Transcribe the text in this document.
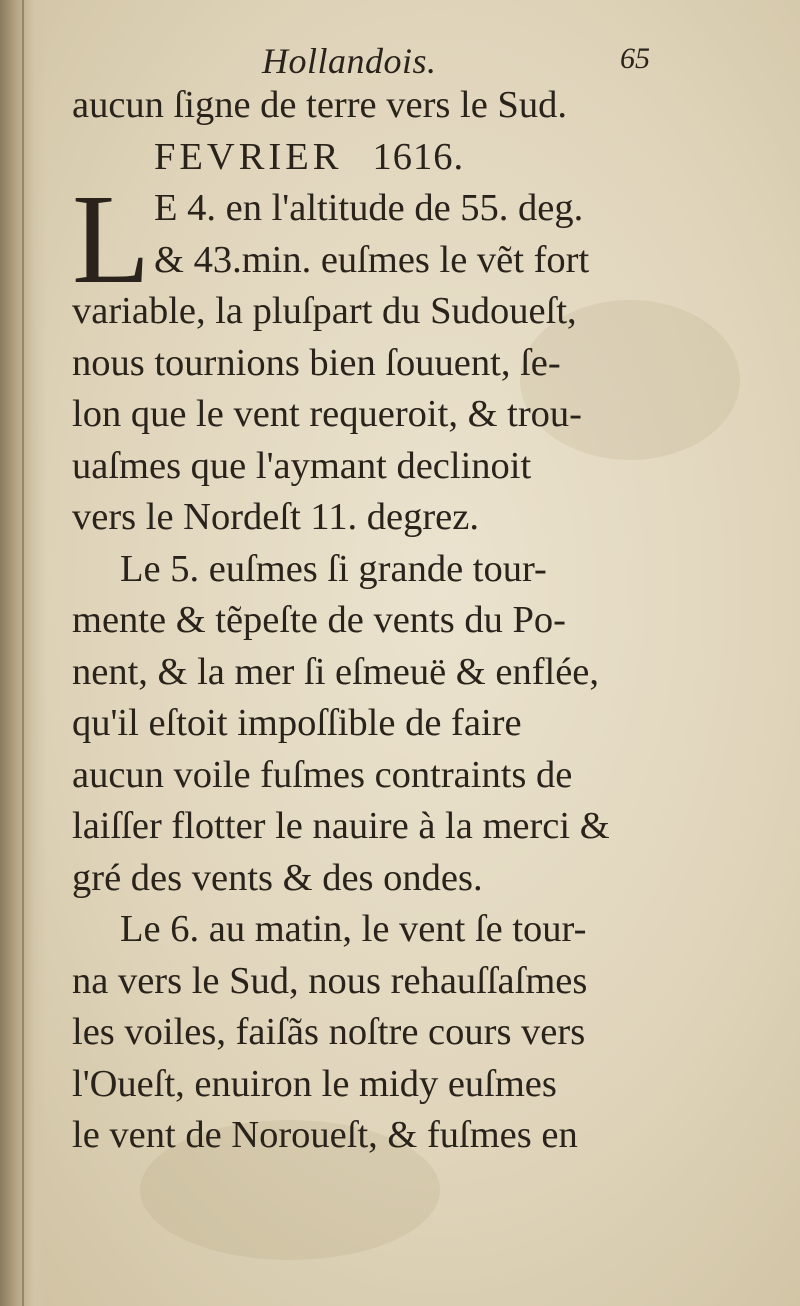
Hollandois.	65
aucun ſigne de terre vers le Sud.
FEVRIER 1616.
L E 4. en l'altitude de 55. deg.
& 43.min. euſmes le vẽt fort
variable, la pluſpart du Sudoueſt,
nous tournions bien ſouuent, ſe-
lon que le vent requeroit, & trou-
uaſmes que l'aymant declinoit
vers le Nordeſt 11. degrez.
Le 5. euſmes ſi grande tour-
mente & tẽpeſte de vents du Po-
nent, & la mer ſi eſmeuë & enflée,
qu'il eſtoit impoſſible de faire
aucun voile fuſmes contraints de
laiſſer flotter le nauire à la merci &
gré des vents & des ondes.
Le 6. au matin, le vent ſe tour-
na vers le Sud, nous rehauſſaſmes
les voiles, faiſãs noſtre cours vers
l'Oueſt, enuiron le midy euſmes
le vent de Noroueſt, & fuſmes en
